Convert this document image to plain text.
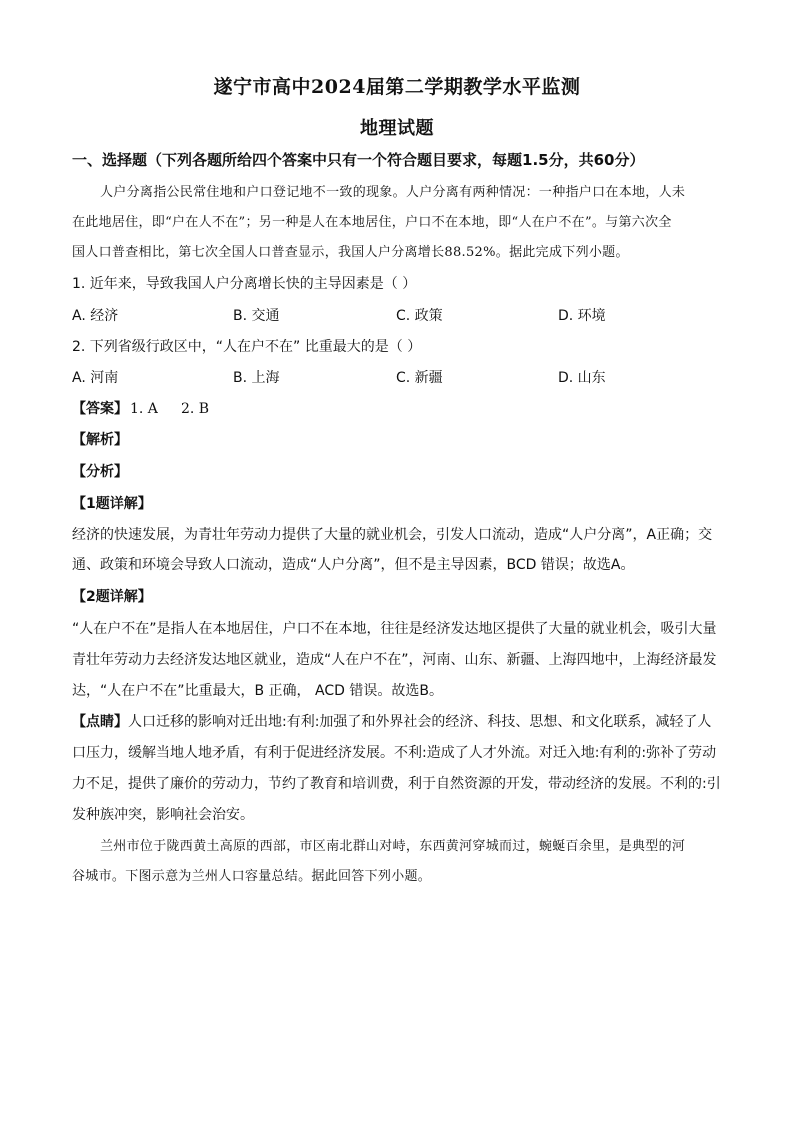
遂宁市高中2024届第二学期教学水平监测
地理试题
一、选择题（下列各题所给四个答案中只有一个符合题目要求，每题1.5分，共60分）
人户分离指公民常住地和户口登记地不一致的现象。人户分离有两种情况：一种指户口在本地，人未
在此地居住，即“户在人不在”；另一种是人在本地居住，户口不在本地，即“人在户不在”。与第六次全
国人口普查相比，第七次全国人口普查显示，我国人户分离增长88.52%。据此完成下列小题。
1. 近年来，导致我国人户分离增长快的主导因素是（ ）
A. 经济	B. 交通	C. 政策	D. 环境
2. 下列省级行政区中，“人在户不在” 比重最大的是（ ）
A. 河南	B. 上海	C. 新疆	D. 山东
【答案】 1. A 2. B
【解析】
【分析】
【1题详解】
经济的快速发展，为青壮年劳动力提供了大量的就业机会，引发人口流动，造成“人户分离”，A正确；交
通、政策和环境会导致人口流动，造成“人户分离”，但不是主导因素，BCD 错误；故选A。
【2题详解】
“人在户不在”是指人在本地居住，户口不在本地，往往是经济发达地区提供了大量的就业机会，吸引大量
青壮年劳动力去经济发达地区就业，造成“人在户不在”，河南、山东、新疆、上海四地中，上海经济最发
达，“人在户不在”比重最大，B 正确， ACD 错误。故选B。
【点睛】人口迁移的影响对迁出地:有利:加强了和外界社会的经济、科技、思想、和文化联系，减轻了人
口压力，缓解当地人地矛盾，有利于促进经济发展。不利:造成了人才外流。对迁入地:有利的:弥补了劳动
力不足，提供了廉价的劳动力，节约了教育和培训费，利于自然资源的开发，带动经济的发展。不利的:引
发种族冲突，影响社会治安。
兰州市位于陇西黄土高原的西部，市区南北群山对峙，东西黄河穿城而过，蜿蜒百余里，是典型的河
谷城市。下图示意为兰州人口容量总结。据此回答下列小题。
